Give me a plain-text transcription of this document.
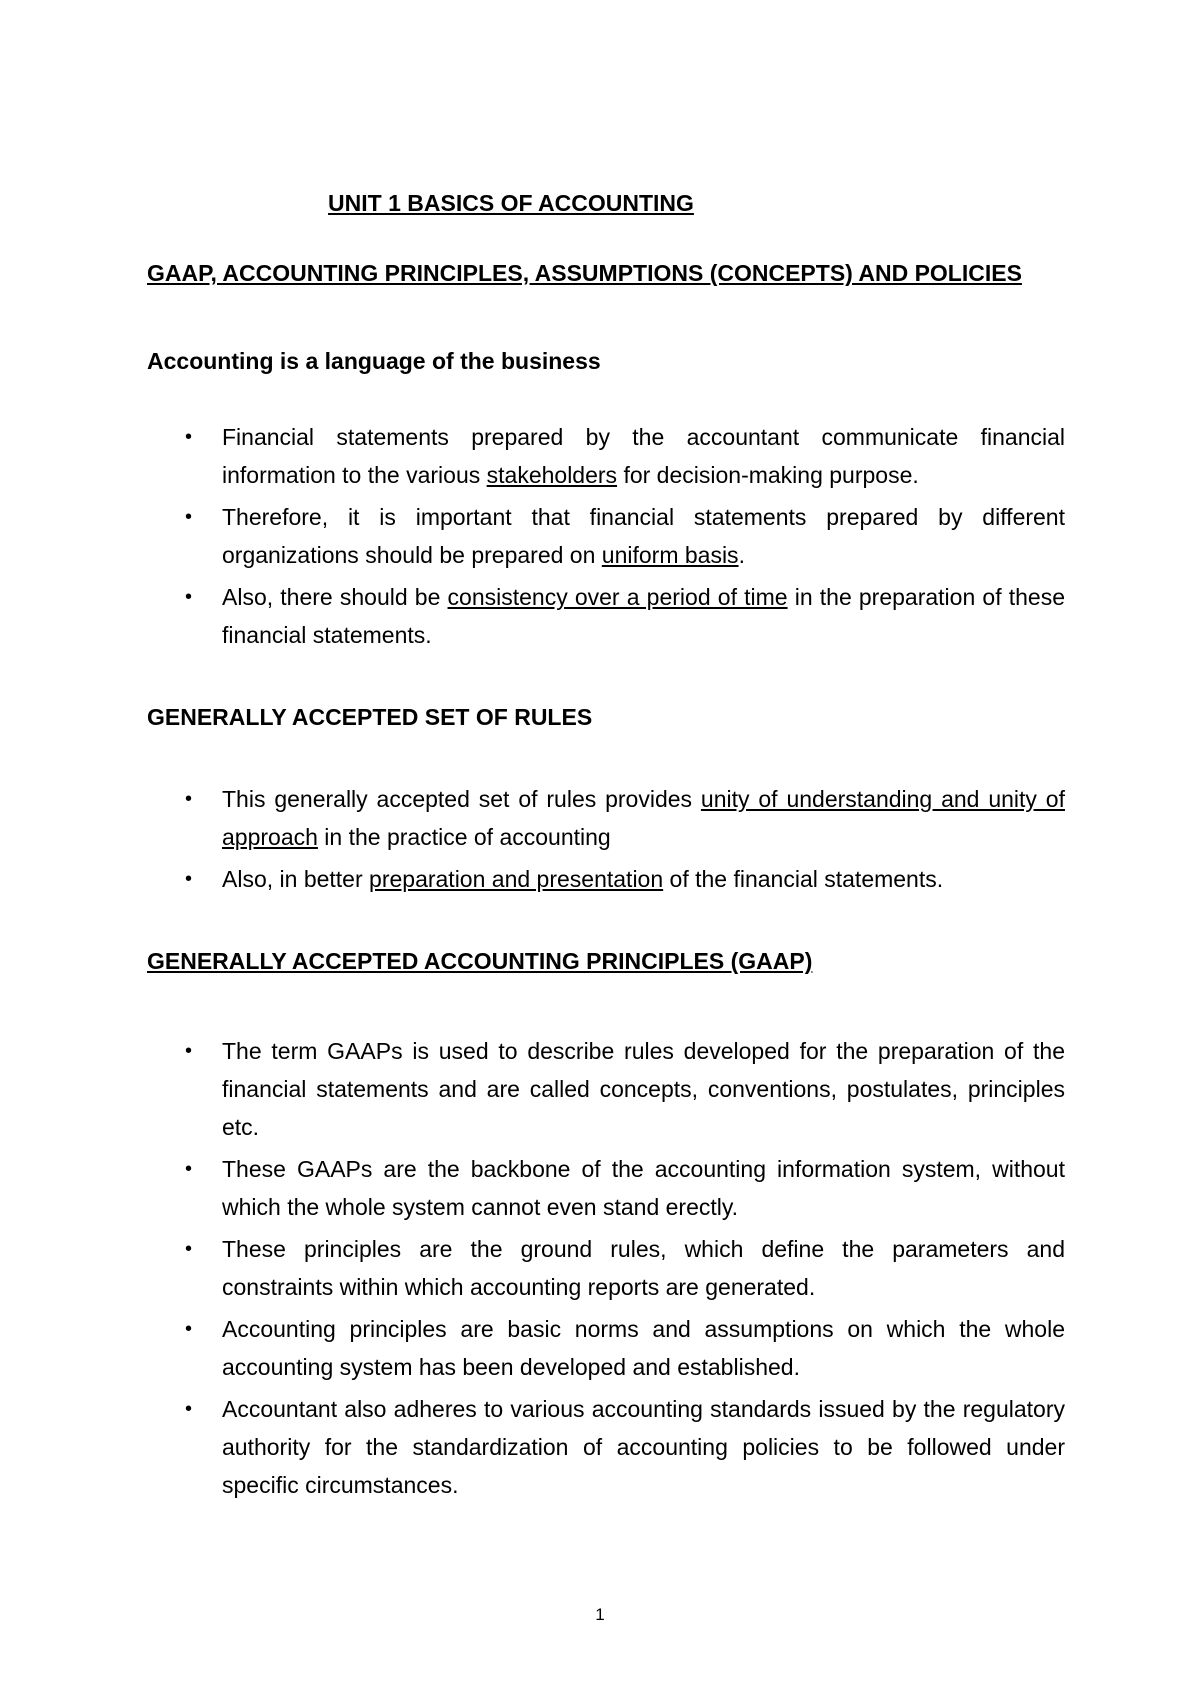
UNIT 1 BASICS OF ACCOUNTING

GAAP, ACCOUNTING PRINCIPLES, ASSUMPTIONS (CONCEPTS) AND POLICIES

Accounting is a language of the business

• Financial statements prepared by the accountant communicate financial information to the various stakeholders for decision-making purpose.
• Therefore, it is important that financial statements prepared by different organizations should be prepared on uniform basis.
• Also, there should be consistency over a period of time in the preparation of these financial statements.

GENERALLY ACCEPTED SET OF RULES

• This generally accepted set of rules provides unity of understanding and unity of approach in the practice of accounting
• Also, in better preparation and presentation of the financial statements.

GENERALLY ACCEPTED ACCOUNTING PRINCIPLES (GAAP)

• The term GAAPs is used to describe rules developed for the preparation of the financial statements and are called concepts, conventions, postulates, principles etc.
• These GAAPs are the backbone of the accounting information system, without which the whole system cannot even stand erectly.
• These principles are the ground rules, which define the parameters and constraints within which accounting reports are generated.
• Accounting principles are basic norms and assumptions on which the whole accounting system has been developed and established.
• Accountant also adheres to various accounting standards issued by the regulatory authority for the standardization of accounting policies to be followed under specific circumstances.
1
